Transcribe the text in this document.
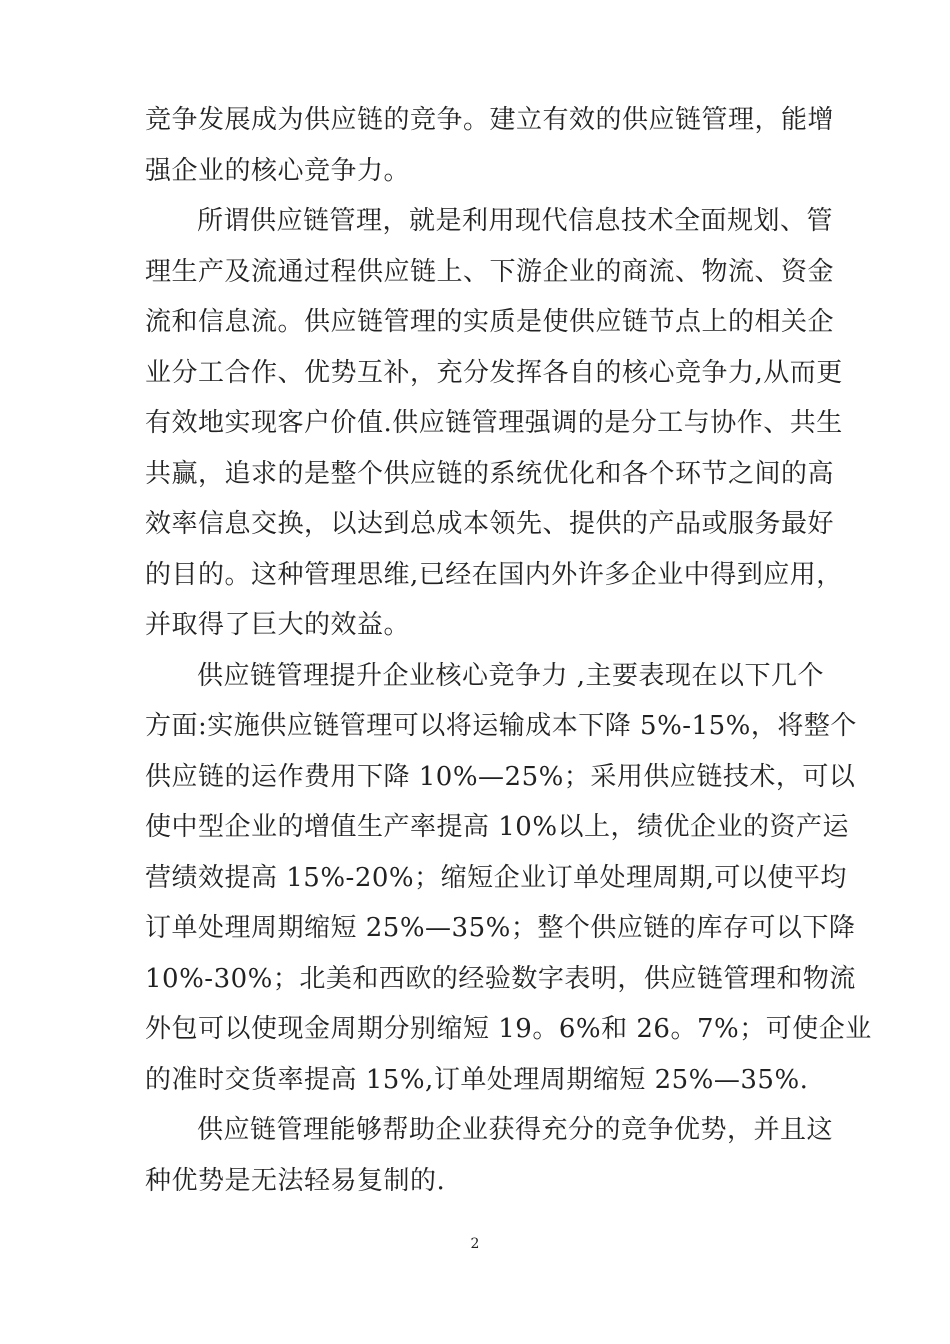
竞争发展成为供应链的竞争。建立有效的供应链管理，能增
强企业的核心竞争力。
所谓供应链管理，就是利用现代信息技术全面规划、管
理生产及流通过程供应链上、下游企业的商流、物流、资金
流和信息流。供应链管理的实质是使供应链节点上的相关企
业分工合作、优势互补，充分发挥各自的核心竞争力,从而更
有效地实现客户价值.供应链管理强调的是分工与协作、共生
共赢，追求的是整个供应链的系统优化和各个环节之间的高
效率信息交换，以达到总成本领先、提供的产品或服务最好
的目的。这种管理思维,已经在国内外许多企业中得到应用，
并取得了巨大的效益。
供应链管理提升企业核心竞争力 ,主要表现在以下几个
方面:实施供应链管理可以将运输成本下降 5%-15%，将整个
供应链的运作费用下降 10%—25%；采用供应链技术，可以
使中型企业的增值生产率提高 10%以上，绩优企业的资产运
营绩效提高 15%-20%；缩短企业订单处理周期,可以使平均
订单处理周期缩短 25%—35%；整个供应链的库存可以下降
10%-30%；北美和西欧的经验数字表明，供应链管理和物流
外包可以使现金周期分别缩短 19。6%和 26。7%；可使企业
的准时交货率提高 15%,订单处理周期缩短 25%—35%.
供应链管理能够帮助企业获得充分的竞争优势，并且这
种优势是无法轻易复制的.
2
